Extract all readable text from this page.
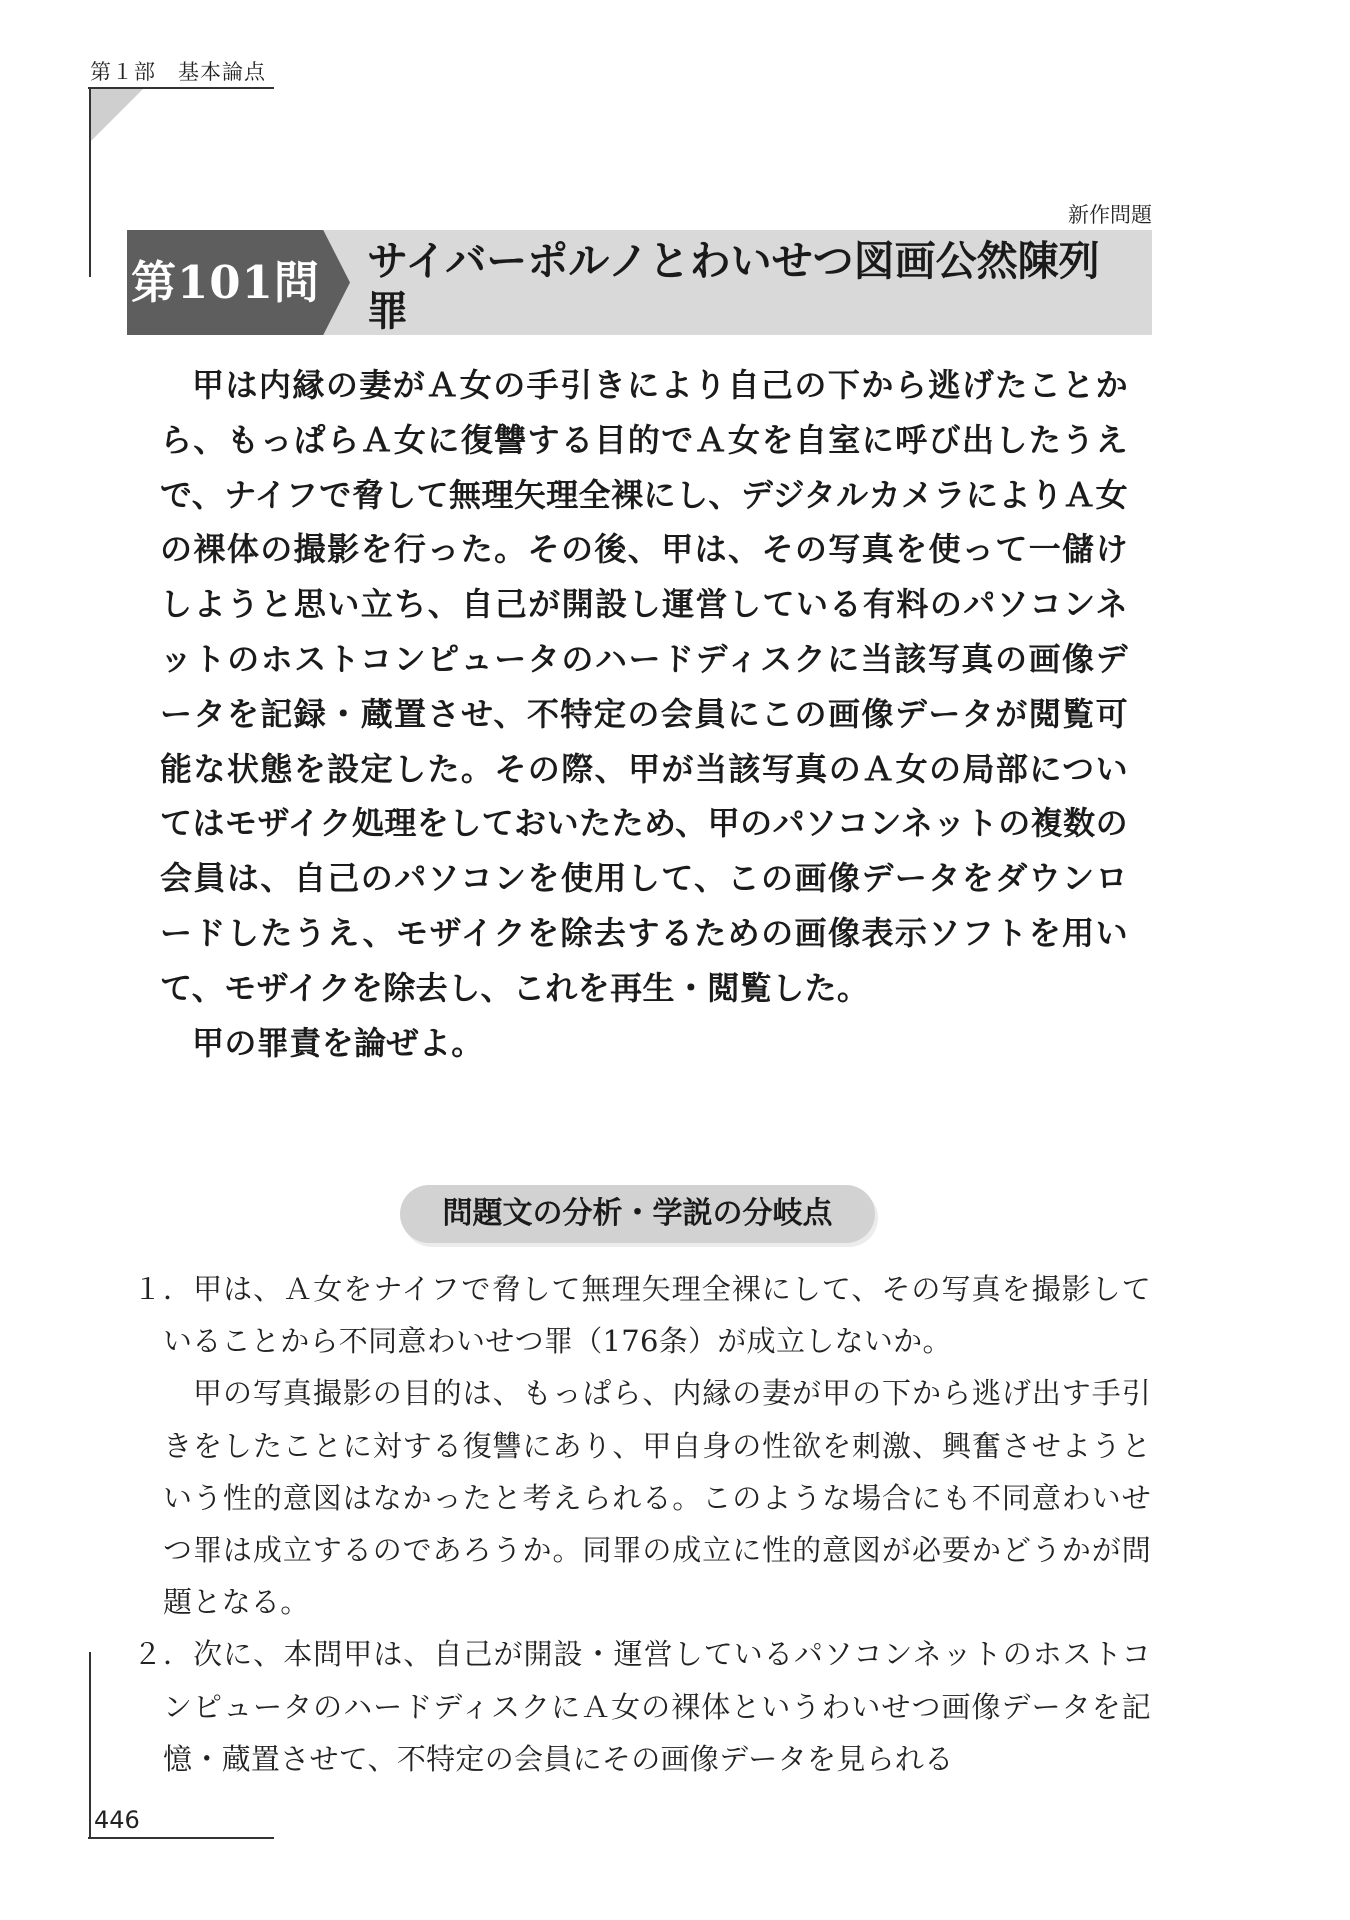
第１部　基本論点
新作問題
第101問 サイバーポルノとわいせつ図画公然陳列罪

甲は内縁の妻がＡ女の手引きにより自己の下から逃げたことから、もっぱらＡ女に復讐する目的でＡ女を自室に呼び出したうえで、ナイフで脅して無理矢理全裸にし、デジタルカメラによりＡ女の裸体の撮影を行った。その後、甲は、その写真を使って一儲けしようと思い立ち、自己が開設し運営している有料のパソコンネットのホストコンピュータのハードディスクに当該写真の画像データを記録・蔵置させ、不特定の会員にこの画像データが閲覧可能な状態を設定した。その際、甲が当該写真のＡ女の局部についてはモザイク処理をしておいたため、甲のパソコンネットの複数の会員は、自己のパソコンを使用して、この画像データをダウンロードしたうえ、モザイクを除去するための画像表示ソフトを用いて、モザイクを除去し、これを再生・閲覧した。

甲の罪責を論ぜよ。

問題文の分析・学説の分岐点

１．甲は、Ａ女をナイフで脅して無理矢理全裸にして、その写真を撮影していることから不同意わいせつ罪（176条）が成立しないか。

甲の写真撮影の目的は、もっぱら、内縁の妻が甲の下から逃げ出す手引きをしたことに対する復讐にあり、甲自身の性欲を刺激、興奮させようという性的意図はなかったと考えられる。このような場合にも不同意わいせつ罪は成立するのであろうか。同罪の成立に性的意図が必要かどうかが問題となる。

２．次に、本問甲は、自己が開設・運営しているパソコンネットのホストコンピュータのハードディスクにＡ女の裸体というわいせつ画像データを記憶・蔵置させて、不特定の会員にその画像データを見られる

446
